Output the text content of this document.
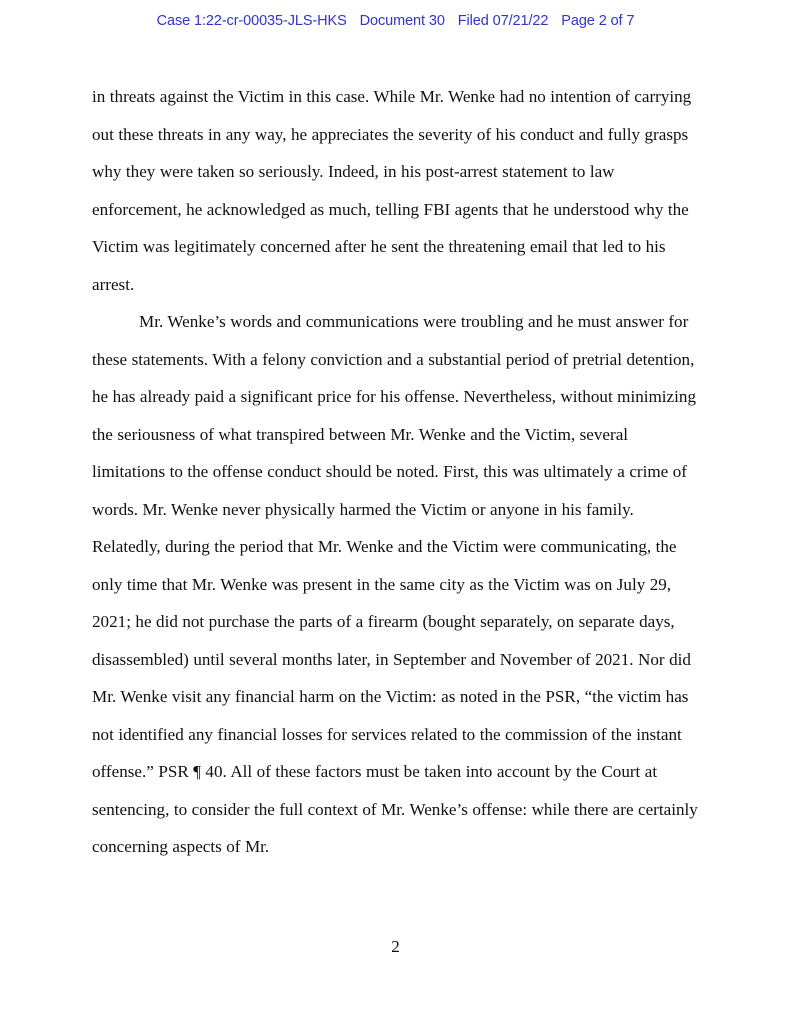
Case 1:22-cr-00035-JLS-HKS Document 30 Filed 07/21/22 Page 2 of 7

in threats against the Victim in this case. While Mr. Wenke had no intention of carrying out these threats in any way, he appreciates the severity of his conduct and fully grasps why they were taken so seriously. Indeed, in his post-arrest statement to law enforcement, he acknowledged as much, telling FBI agents that he understood why the Victim was legitimately concerned after he sent the threatening email that led to his arrest.

Mr. Wenke’s words and communications were troubling and he must answer for these statements. With a felony conviction and a substantial period of pretrial detention, he has already paid a significant price for his offense. Nevertheless, without minimizing the seriousness of what transpired between Mr. Wenke and the Victim, several limitations to the offense conduct should be noted. First, this was ultimately a crime of words. Mr. Wenke never physically harmed the Victim or anyone in his family. Relatedly, during the period that Mr. Wenke and the Victim were communicating, the only time that Mr. Wenke was present in the same city as the Victim was on July 29, 2021; he did not purchase the parts of a firearm (bought separately, on separate days, disassembled) until several months later, in September and November of 2021. Nor did Mr. Wenke visit any financial harm on the Victim: as noted in the PSR, “the victim has not identified any financial losses for services related to the commission of the instant offense.” PSR ¶ 40. All of these factors must be taken into account by the Court at sentencing, to consider the full context of Mr. Wenke’s offense: while there are certainly concerning aspects of Mr.

2
